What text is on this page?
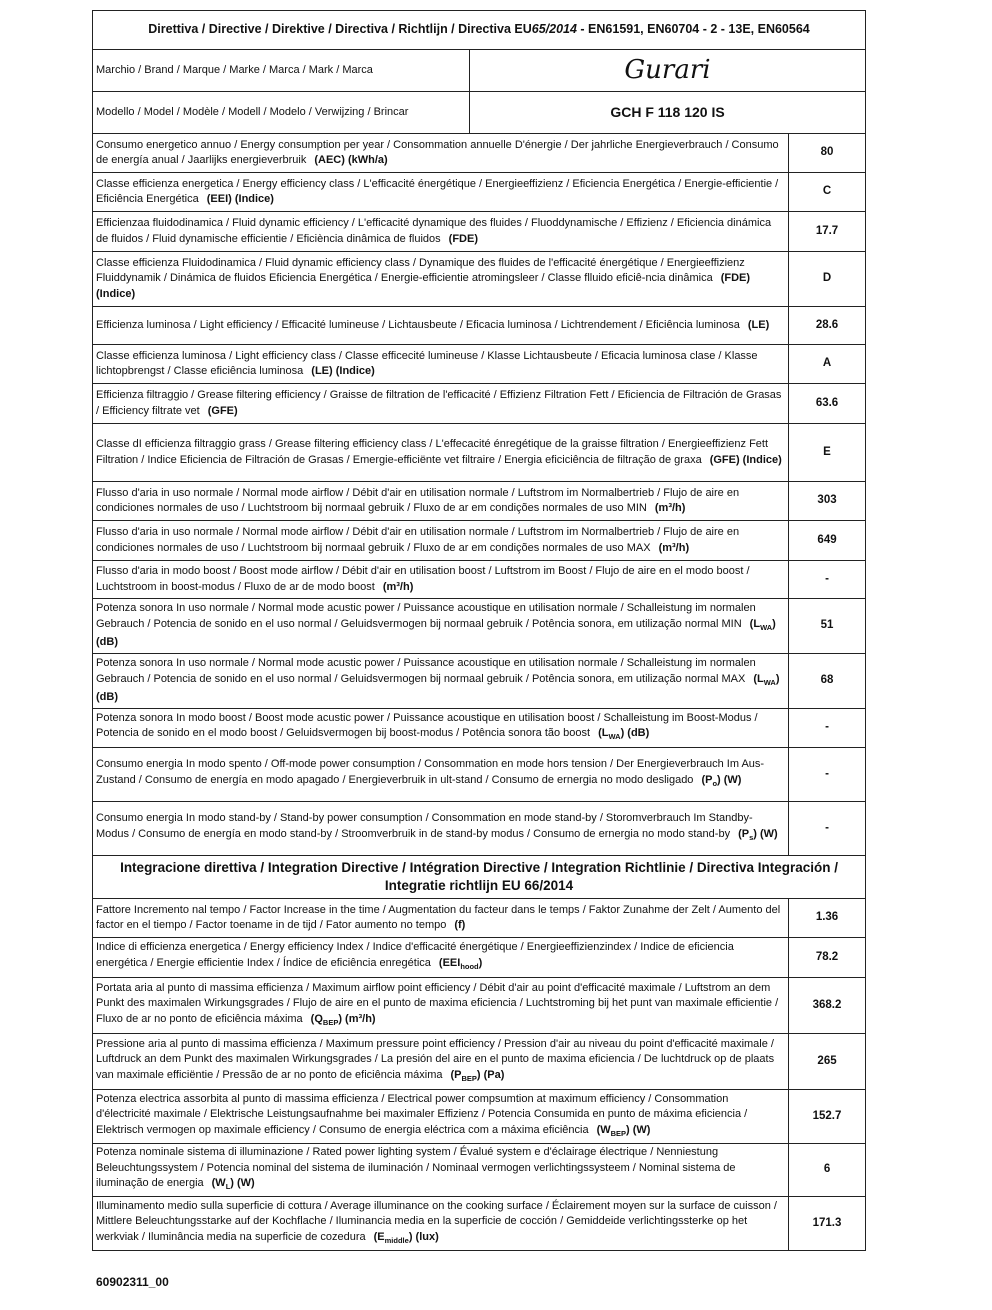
Direttiva / Directive / Direktive / Directiva / Richtlijn / Directiva EU65/2014 - EN61591, EN60704 - 2 - 13E, EN60564		
Marchio / Brand / Marque / Marke / Marca / Mark / Marca	Gurari	
Modello / Model / Modèle / Modell / Modelo / Verwijzing / Brincar	GCH F 118 120 IS	
Consumo energetico annuo / Energy consumption per year / Consommation annuelle D'énergie / Der jahrliche Energieverbrauch / Consumo de energía anual / Jaarlijks energieverbruik (AEC) (kWh/a)		80
Classe efficienza energetica / Energy efficiency class / L'efficacité énergétique / Energieeffizienz / Eficiencia Energética / Energie-efficientie / Eficiência Energética (EEI) (Indice)		C
Efficienzaa fluidodinamica / Fluid dynamic efficiency / L'efficacité dynamique des fluides / Fluoddynamische / Effizienz / Eficiencia dinámica de fluidos / Fluid dynamische efficientie / Eficiència dinâmica de fluidos (FDE)		17.7
Classe efficienza Fluidodinamica / Fluid dynamic efficiency class / Dynamique des fluides de l'efficacité énergétique / Energieeffizienz Fluiddynamik / Dinámica de fluidos Eficiencia Energética / Energie-efficientie atromingsleer / Classe flluido eficiê-ncia dinâmica (FDE) (Indice)		D
Efficienza luminosa / Light efficiency / Efficacité lumineuse / Lichtausbeute / Eficacia luminosa / Lichtrendement / Eficiência luminosa (LE)		28.6
Classe efficienza luminosa / Light efficiency class / Classe efficecité lumineuse / Klasse Lichtausbeute / Eficacia luminosa clase / Klasse lichtopbrengst / Classe eficiência luminosa (LE) (Indice)		A
Efficienza filtraggio / Grease filtering efficiency / Graisse de filtration de l'efficacité / Effizienz Filtration Fett / Eficiencia de Filtración de Grasas / Efficiency filtrate vet (GFE)		63.6
Classe dI efficienza filtraggio grass / Grease filtering efficiency class / L'effecacité énregétique de la graisse filtration / Energieeffizienz Fett Filtration / Indice Eficiencia de Filtración de Grasas / Emergie-efficiënte vet filtraire / Energia eficiciência de filtração de graxa (GFE) (Indice)		E
Flusso d'aria in uso normale / Normal mode airflow / Débit d'air en utilisation normale / Luftstrom im Normalbertrieb / Flujo de aire en condiciones normales de uso / Luchtstroom bij normaal gebruik / Fluxo de ar em condições normales de uso MIN (m³/h)		303
Flusso d'aria in uso normale / Normal mode airflow / Débit d'air en utilisation normale / Luftstrom im Normalbertrieb / Flujo de aire en condiciones normales de uso / Luchtstroom bij normaal gebruik / Fluxo de ar em condições normales de uso MAX (m³/h)		649
Flusso d'aria in modo boost / Boost mode airflow / Débit d'air en utilisation boost / Luftstrom im Boost / Flujo de aire en el modo boost / Luchtstroom in boost-modus / Fluxo de ar de modo boost (m³/h)		-
Potenza sonora In uso normale / Normal mode acustic power / Puissance acoustique en utilisation normale / Schalleistung im normalen Gebrauch / Potencia de sonido en el uso normal / Geluidsvermogen bij normaal gebruik / Potência sonora, em utilização normal MIN $(L_{WA})$ (dB)		51
Potenza sonora In uso normale / Normal mode acustic power / Puissance acoustique en utilisation normale / Schalleistung im normalen Gebrauch / Potencia de sonido en el uso normal / Geluidsvermogen bij normaal gebruik / Potência sonora, em utilização normal MAX $(L_{WA})$ (dB)		68
Potenza sonora In modo boost / Boost mode acustic power / Puissance acoustique en utilisation boost / Schalleistung im Boost-Modus / Potencia de sonido en el modo boost / Geluidsvermogen bij boost-modus / Potência sonora tão boost $(L_{WA})$ (dB)		-
Consumo energia In modo spento / Off-mode power consumption / Consommation en mode hors tension / Der Energieverbrauch Im Aus-Zustand / Consumo de energía en modo apagado / Energieverbruik in ult-stand / Consumo de ernergia no modo desligado $(P_o)$ (W)		-
Consumo energia In modo stand-by / Stand-by power consumption / Consommation en mode stand-by / Storomverbrauch Im Standby-Modus / Consumo de energía en modo stand-by / Stroomverbruik in de stand-by modus / Consumo de ernergia no modo stand-by $(P_s)$ (W)		-
Integracione direttiva / Integration Directive / Intégration Directive / Integration Richtlinie / Directiva Integración / Integratie richtlijn EU 66/2014		
Fattore Incremento nal tempo / Factor Increase in the time / Augmentation du facteur dans le temps / Faktor Zunahme der Zelt / Aumento del factor en el tiempo / Factor toename in de tijd / Fator aumento no tempo (f)		1.36
Indice di efficienza energetica / Energy efficiency Index / Indice d'efficacité énergétique / Energieeffizienzindex / Indice de eficiencia energética / Energie efficientie Index / Índice de eficiência enregética $(EEI_{hood})$		78.2
Portata aria al punto di massima efficienza / Maximum airflow point efficiency / Débit d'air au point d'efficacité maximale / Luftstrom an dem Punkt des maximalen Wirkungsgrades / Flujo de aire en el punto de maxima eficiencia / Luchtstroming bij het punt van maximale efficientie / Fluxo de ar no ponto de eficiência máxima $(Q_{BEP})$ (m³/h)		368.2
Pressione aria al punto di massima efficienza / Maximum pressure point efficiency / Pression d'air au niveau du point d'efficacité maximale / Luftdruck an dem Punkt des maximalen Wirkungsgrades / La presión del aire en el punto de maxima eficiencia / De luchtdruck op de plaats van maximale efficiëntie / Pressão de ar no ponto de eficiência máxima $(P_{BEP})$ (Pa)		265
Potenza electrica assorbita al punto di massima efficienza / Electrical power compsumtion at maximum efficiency / Consommation d'électricité maximale / Elektrische Leistungsaufnahme bei maximaler Effizienz / Potencia Consumida en punto de máxima eficiencia / Elektrisch vermogen op maximale efficiency / Consumo de energia eléctrica com a máxima eficiência $(W_{BEP})$ (W)		152.7
Potenza nominale sistema di illuminazione / Rated power lighting system / Évalué system e d'éclairage électrique / Nenniestung Beleuchtungssystem / Potencia nominal del sistema de iluminación / Nominaal vermogen verlichtingssysteem / Nominal sistema de iluminação de energia $(W_L)$ (W)		6
Illuminamento medio sulla superficie di cottura / Average illuminance on the cooking surface / Éclairement moyen sur la surface de cuisson / Mittlere Beleuchtungsstarke auf der Kochflache / Iluminancia media en la superficie de cocción / Gemiddeide verlichtingssterke op het werkviak / Iluminância media na superficie de cozedura $(E_{middle})$ (lux)		171.3
60902311_00
